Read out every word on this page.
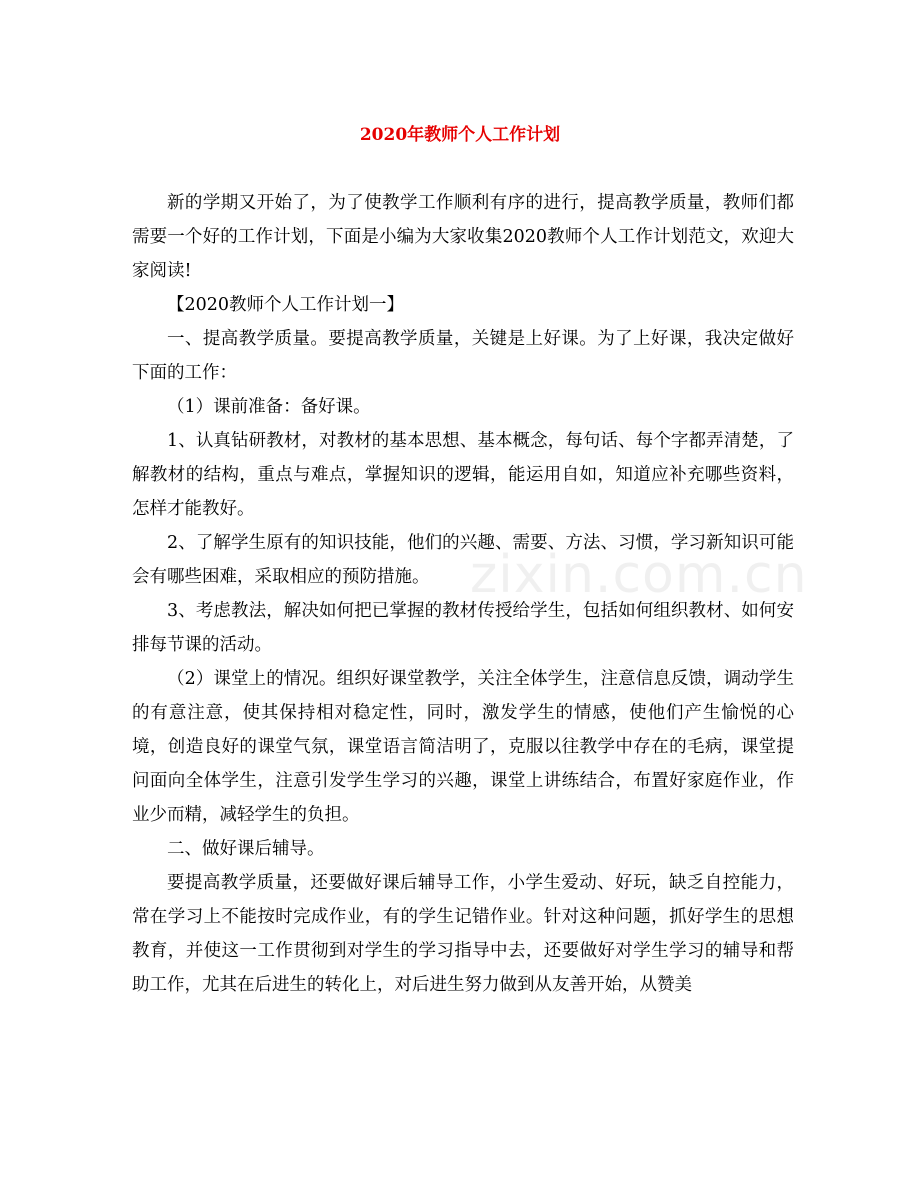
2020年教师个人工作计划

新的学期又开始了，为了使教学工作顺利有序的进行，提高教学质量，教师们都需要一个好的工作计划，下面是小编为大家收集2020教师个人工作计划范文，欢迎大家阅读!

【2020教师个人工作计划一】

一、提高教学质量。要提高教学质量，关键是上好课。为了上好课，我决定做好下面的工作：

（1）课前准备：备好课。

1、认真钻研教材，对教材的基本思想、基本概念，每句话、每个字都弄清楚，了解教材的结构，重点与难点，掌握知识的逻辑，能运用自如，知道应补充哪些资料，怎样才能教好。

2、了解学生原有的知识技能，他们的兴趣、需要、方法、习惯，学习新知识可能会有哪些困难，采取相应的预防措施。

3、考虑教法，解决如何把已掌握的教材传授给学生，包括如何组织教材、如何安排每节课的活动。

（2）课堂上的情况。组织好课堂教学，关注全体学生，注意信息反馈，调动学生的有意注意，使其保持相对稳定性，同时，激发学生的情感，使他们产生愉悦的心境，创造良好的课堂气氛，课堂语言简洁明了，克服以往教学中存在的毛病，课堂提问面向全体学生，注意引发学生学习的兴趣，课堂上讲练结合，布置好家庭作业，作业少而精，减轻学生的负担。

二、做好课后辅导。

要提高教学质量，还要做好课后辅导工作，小学生爱动、好玩，缺乏自控能力，常在学习上不能按时完成作业，有的学生记错作业。针对这种问题，抓好学生的思想教育，并使这一工作贯彻到对学生的学习指导中去，还要做好对学生学习的辅导和帮助工作，尤其在后进生的转化上，对后进生努力做到从友善开始，从赞美

zixin.com.cn
